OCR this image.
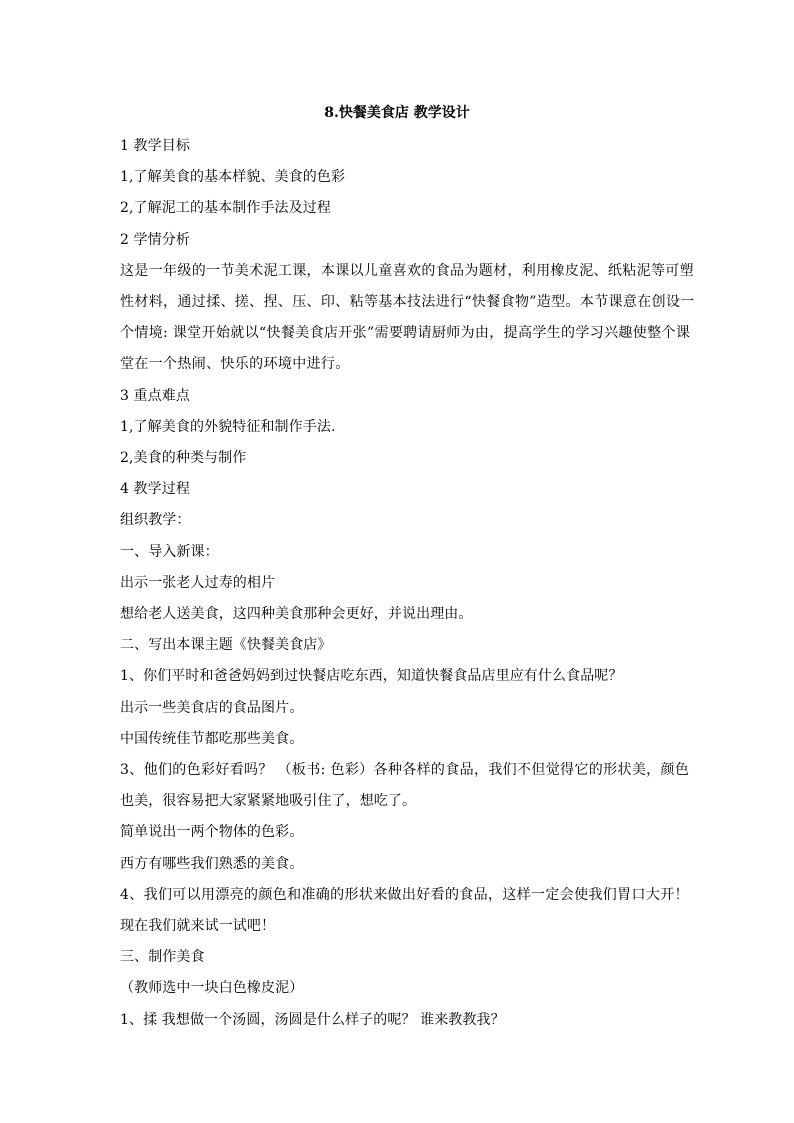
8.快餐美食店 教学设计

1 教学目标

1,了解美食的基本样貌、美食的色彩

2,了解泥工的基本制作手法及过程

2 学情分析

这是一年级的一节美术泥工课，本课以儿童喜欢的食品为题材，利用橡皮泥、纸粘泥等可塑

性材料，通过揉、搓、捏、压、印、粘等基本技法进行“快餐食物”造型。本节课意在创设一

个情境: 课堂开始就以“快餐美食店开张”需要聘请厨师为由，提高学生的学习兴趣使整个课

堂在一个热闹、快乐的环境中进行。

3 重点难点

1,了解美食的外貌特征和制作手法.

2,美食的种类与制作

4 教学过程

组织教学：

一、导入新课：

出示一张老人过寿的相片

想给老人送美食，这四种美食那种会更好，并说出理由。

二、写出本课主题《快餐美食店》

1、你们平时和爸爸妈妈到过快餐店吃东西，知道快餐食品店里应有什么食品呢？

出示一些美食店的食品图片。

中国传统佳节都吃那些美食。

3、他们的色彩好看吗？ （板书: 色彩）各种各样的食品，我们不但觉得它的形状美，颜色

也美，很容易把大家紧紧地吸引住了，想吃了。

简单说出一两个物体的色彩。

西方有哪些我们熟悉的美食。

4、我们可以用漂亮的颜色和准确的形状来做出好看的食品，这样一定会使我们胃口大开！

现在我们就来试一试吧！

三、制作美食

（教师选中一块白色橡皮泥）

1、揉 我想做一个汤圆，汤圆是什么样子的呢？ 谁来教教我？
